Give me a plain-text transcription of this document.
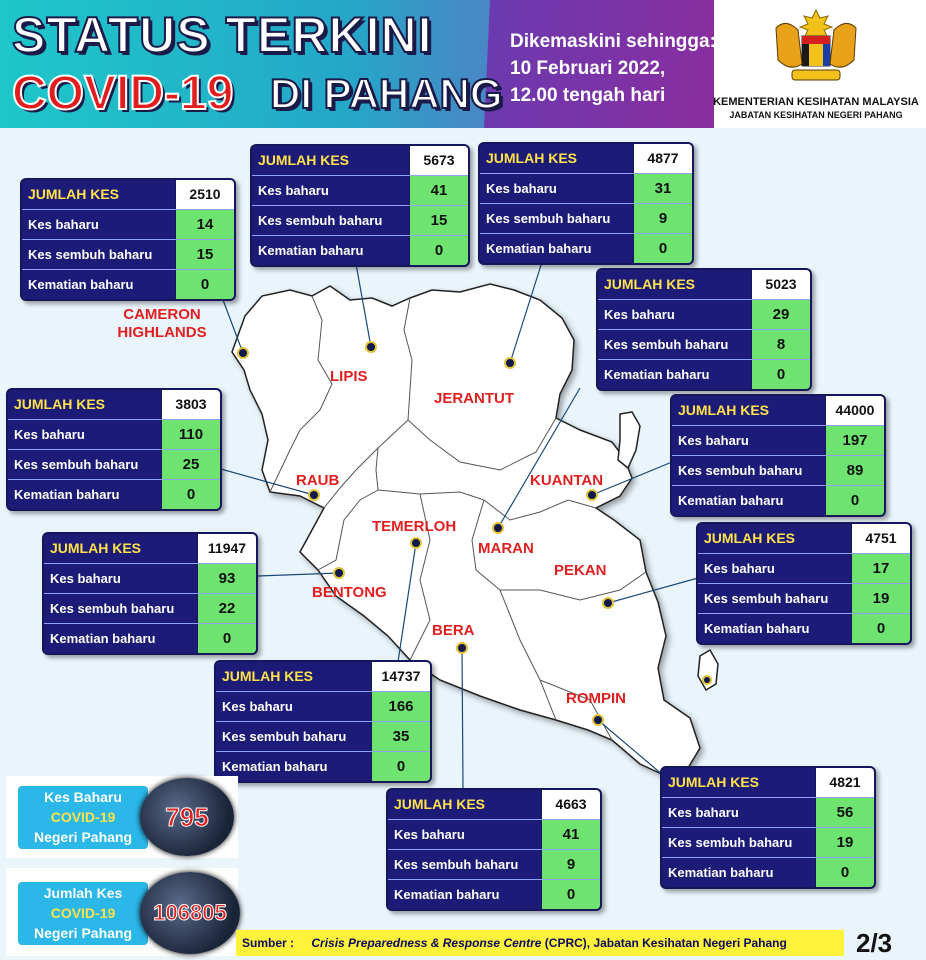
STATUS TERKINI
COVID-19 DI PAHANG
Dikemaskini sehingga:
10 Februari 2022,
12.00 tengah hari	KEMENTERIAN KESIHATAN MALAYSIA
JABATAN KESIHATAN NEGERI PAHANG
CAMERON HIGHLANDS
LIPIS
JERANTUT
MARAN
RAUB	KUANTAN
BENTONG
PEKAN
TEMERLOH
BERA
ROMPIN
JUMLAH KES	2510
Kes baharu	14
Kes sembuh baharu	15
Kematian baharu	0
JUMLAH KES	5673
Kes baharu	41
Kes sembuh baharu	15
Kematian baharu	0
JUMLAH KES	4877
Kes baharu	31
Kes sembuh baharu	9
Kematian baharu	0
JUMLAH KES	5023
Kes baharu	29
Kes sembuh baharu	8
Kematian baharu	0
JUMLAH KES	3803
Kes baharu	110
Kes sembuh baharu	25
Kematian baharu	0
JUMLAH KES	44000
Kes baharu	197
Kes sembuh baharu	89
Kematian baharu	0
JUMLAH KES	11947
Kes baharu	93
Kes sembuh baharu	22
Kematian baharu	0
JUMLAH KES	4751
Kes baharu	17
Kes sembuh baharu	19
Kematian baharu	0
JUMLAH KES	14737
Kes baharu	166
Kes sembuh baharu	35
Kematian baharu	0
JUMLAH KES	4663
Kes baharu	41
Kes sembuh baharu	9
Kematian baharu	0
JUMLAH KES	4821
Kes baharu	56
Kes sembuh baharu	19
Kematian baharu	0
Kes Baharu
COVID-19
Negeri Pahang
795
Jumlah Kes
COVID-19
Negeri Pahang
106805
Sumber : Crisis Preparedness & Response Centre (CPRC), Jabatan Kesihatan Negeri Pahang	2/3
